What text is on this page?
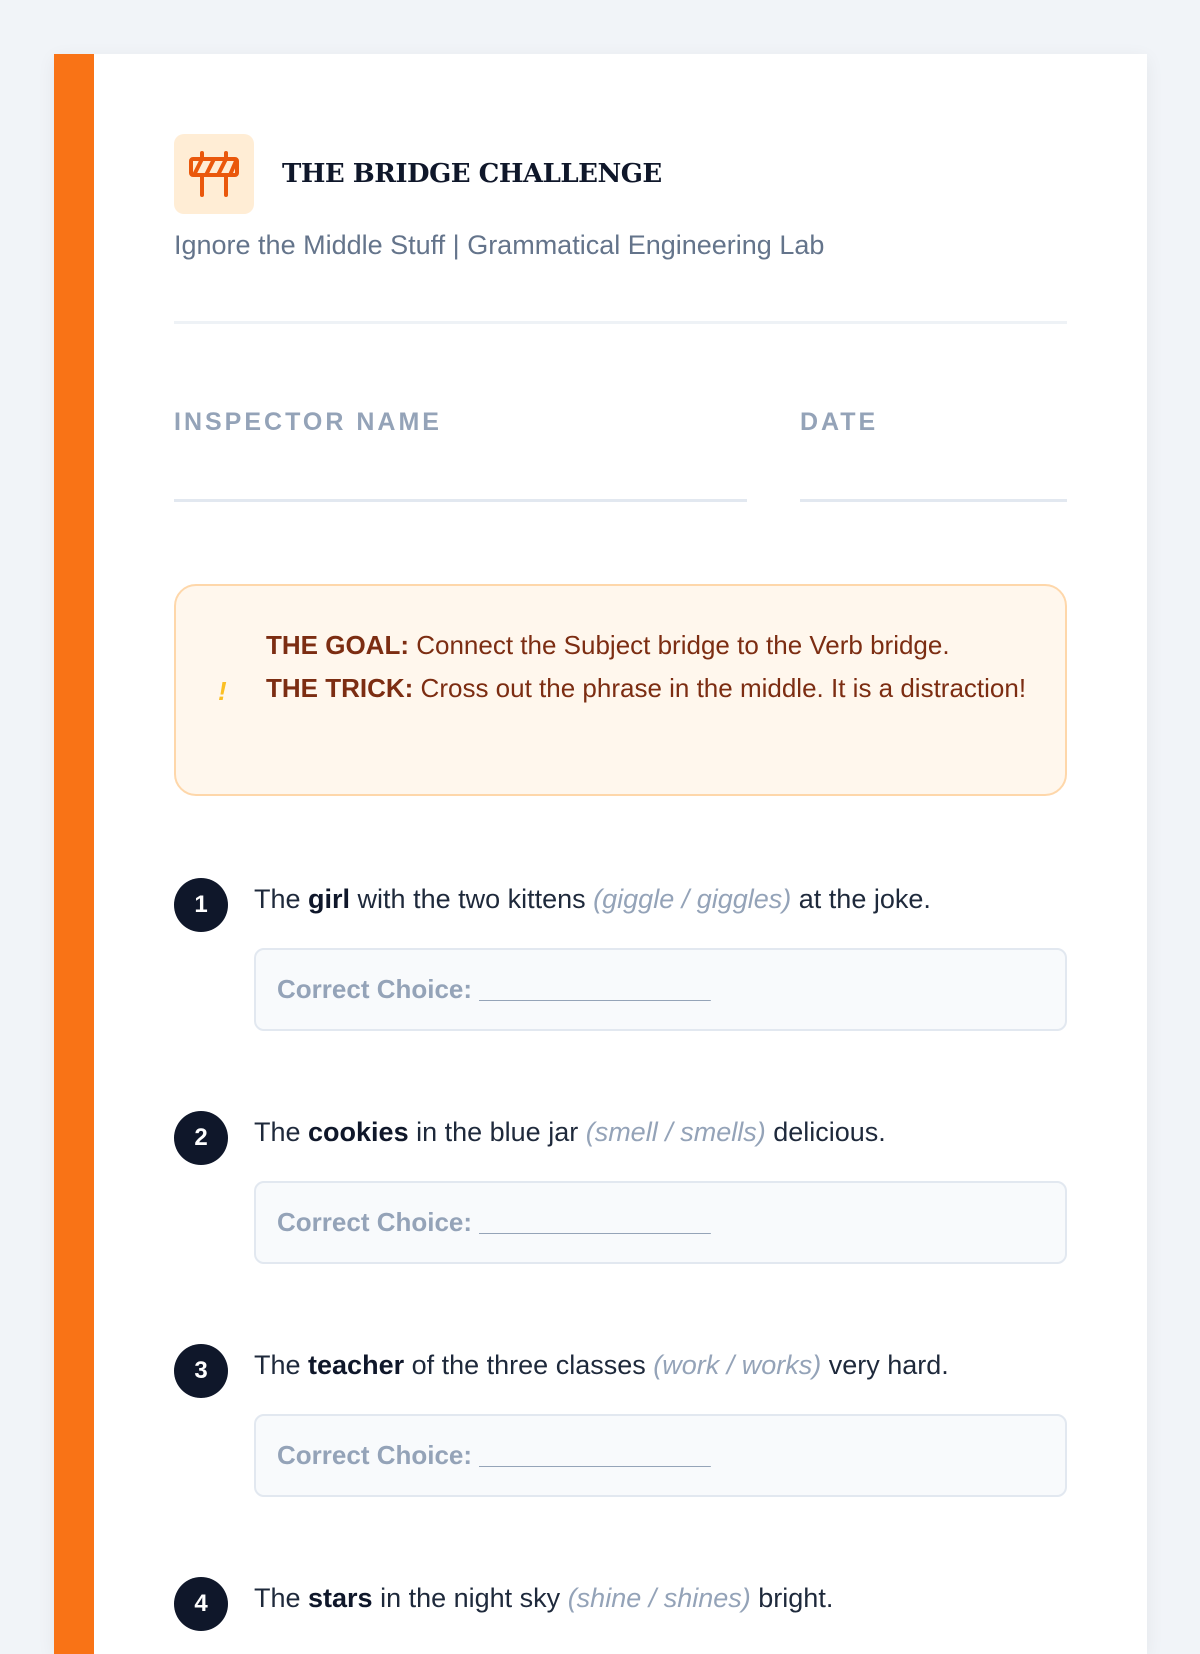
THE BRIDGE CHALLENGE
Ignore the Middle Stuff | Grammatical Engineering Lab
INSPECTOR NAME	DATE
!
THE GOAL: Connect the Subject bridge to the Verb bridge.
THE TRICK: Cross out the phrase in the middle. It is a distraction!
1	The girl with the two kittens (giggle / giggles) at the joke.
Correct Choice: ________________
2	The cookies in the blue jar (smell / smells) delicious.
Correct Choice: ________________
3	The teacher of the three classes (work / works) very hard.
Correct Choice: ________________
4	The stars in the night sky (shine / shines) bright.
